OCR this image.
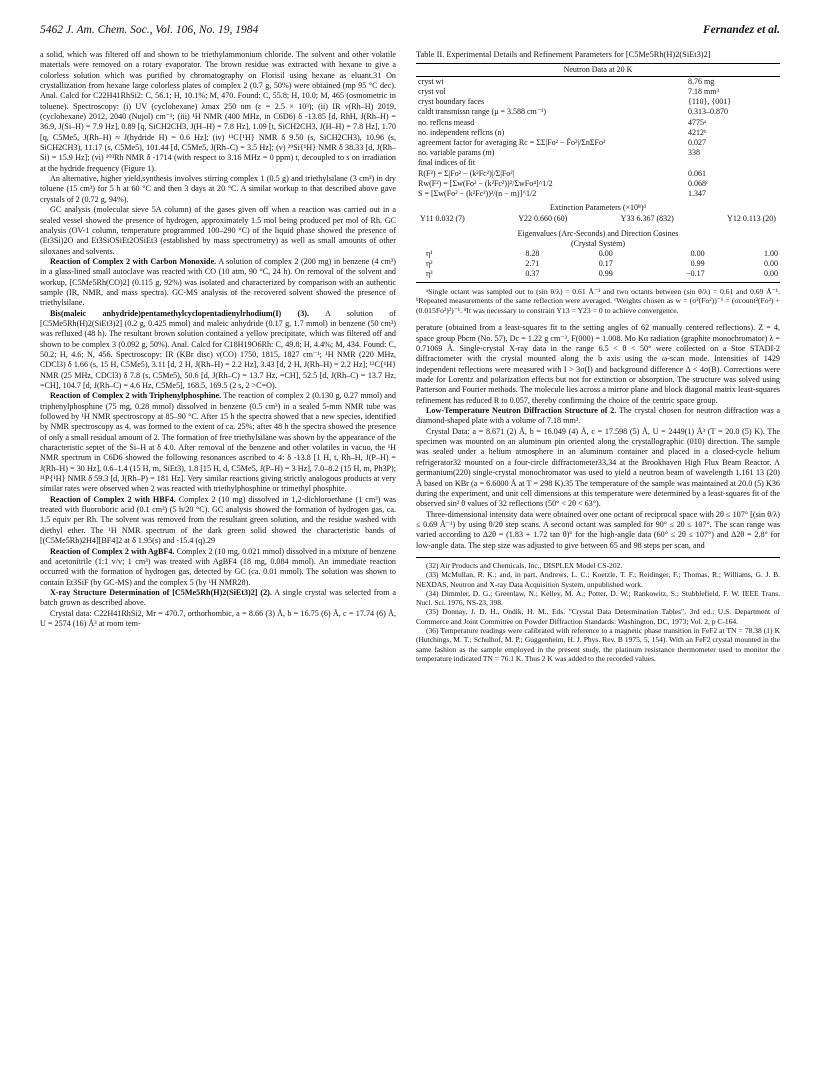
5462 J. Am. Chem. Soc., Vol. 106, No. 19, 1984	Fernandez et al.

a solid, which was filtered off and shown to be triethylammonium chloride. The solvent and other volatile materials were removed on a rotary evaporator. The brown residue was extracted with hexane to give a colorless solution which was purified by chromatography on Florisil using hexane as eluant.31 On crystallization from hexane large colorless plates of complex 2 (0.7 g, 50%) were obtained (mp 95 °C dec). Anal. Calcd for C22H41RhSi2: C, 56.1; H, 10.1%; M, 470. Found: C, 55.8; H, 10.0; M, 465 (osmometric in toluene). Spectroscopy: (i) UV (cyclohexane) λmax 250 nm (ε = 2.5 × 10³); (ii) IR ν(Rh–H) 2019, (cyclohexane) 2012, 2040 (Nujol) cm⁻¹; (iii) ¹H NMR (400 MHz, in C6D6) δ -13.85 [d, RhH, J(Rh–H) = 36.9, J(Si–H) = 7.9 Hz], 0.89 [q, SiCH2CH3, J(H–H) = 7.8 Hz], 1.09 [t, SiCH2CH3, J(H–H) = 7.8 Hz], 1.70 [q, C5Me5, J(Rh–H) ≈ J(hydride H) = 0.6 Hz]; (iv) ¹³C{¹H} NMR δ 9.50 (s, SiCH2CH3), 10.96 (s, SiCH2CH3), 11.17 (s, C5Me5), 101.44 [d, C5Me5, J(Rh–C) = 3.5 Hz]; (v) ²⁹Si{¹H} NMR δ 38.33 [d, J(Rh–Si) = 15.9 Hz]; (vi) ¹⁰³Rh NMR δ -1714 (with respect to 3.16 MHz = 0 ppm) t, decoupled to s on irradiation at the hydride frequency (Figure 1).

An alternative, higher yield,synthesis involves stirring complex 1 (0.5 g) and triethylsilane (3 cm³) in dry toluene (15 cm³) for 5 h at 60 °C and then 3 days at 20 °C. A similar workup to that described above gave crystals of 2 (0.72 g, 94%).

GC analysis (molecular sieve 5A column) of the gases given off when a reaction was carried out in a sealed vessel showed the presence of hydrogen, approximately 1.5 mol being produced per mol of Rh. GC analysis (OV-1 column, temperature programmed 100–290 °C) of the liquid phase showed the presence of (Et3Si)2O and Et3SiOSiEt2OSiEt3 (established by mass spectrometry) as well as small amounts of other siloxanes and solvents.

Reaction of Complex 2 with Carbon Monoxide. A solution of complex 2 (200 mg) in benzene (4 cm³) in a glass-lined small autoclave was reacted with CO (10 atm, 90 °C, 24 h). On removal of the solvent and workup, [C5Me5Rh(CO)2] (0.115 g, 92%) was isolated and characterized by comparison with an authentic sample (IR, NMR, and mass spectra). GC-MS analysis of the recovered solvent showed the presence of triethylsilane.

Bis(maleic anhydride)pentamethylcyclopentadienylrhodium(I) (3). A solution of [C5Me5Rh(H)2(SiEt3)2] (0.2 g, 0.425 mmol) and maleic anhydride (0.17 g, 1.7 mmol) in benzene (50 cm³) was refluxed (48 h). The resultant brown solution contained a yellow precipitate, which was filtered off and shown to be complex 3 (0.092 g, 50%). Anal. Calcd for C18H19O6Rh: C, 49.8; H, 4.4%; M, 434. Found: C, 50.2; H, 4.6; N, 456. Spectroscopy: IR (KBr disc) ν(CO) 1750, 1815, 1827 cm⁻¹; ¹H NMR (220 MHz, CDCl3) δ 1.66 (s, 15 H, C5Me5), 3.11 [d, 2 H, J(Rh–H) = 2.2 Hz], 3.43 [d, 2 H, J(Rh–H) = 2.2 Hz]; ¹³C{¹H} NMR (25 MHz, CDCl3) δ 7.8 (s, C5Me5), 50.6 [d, J(Rh–C) = 13.7 Hz, =CH], 52.5 [d, J(Rh–C) = 13.7 Hz, =CH], 104.7 [d, J(Rh–C) = 4.6 Hz, C5Me5], 168.5, 169.5 (2 s, 2 >C=O).

Reaction of Complex 2 with Triphenylphosphine. The reaction of complex 2 (0.130 g, 0.27 mmol) and triphenylphosphine (75 mg, 0.28 mmol) dissolved in benzene (0.5 cm³) in a sealed 5-mm NMR tube was followed by ¹H NMR spectroscopy at 85–90 °C. After 15 h the spectra showed that a new species, identified by NMR spectroscopy as 4, was formed to the extent of ca. 25%; after 48 h the spectra showed the presence of only a small residual amount of 2. The formation of free triethylsilane was shown by the appearance of the characteristic septet of the Si–H at δ 4.0. After removal of the benzene and other volatiles in vacuo, the ¹H NMR spectrum in C6D6 showed the following resonances ascribed to 4: δ -13.8 [1 H, t, Rh–H, J(P–H) = J(Rh–H) = 30 Hz], 0.6–1.4 (15 H, m, SiEt3), 1.8 [15 H, d, C5Me5, J(P–H) = 3 Hz], 7.0–8.2 (15 H, m, Ph3P); ³¹P{¹H} NMR δ 59.3 [d, J(Rh–P) = 181 Hz]. Very similar reactions giving strictly analogous products at very similar rates were observed when 2 was reacted with triethylphosphine or trimethyl phosphite.

Reaction of Complex 2 with HBF4. Complex 2 (10 mg) dissolved in 1,2-dichloroethane (1 cm³) was treated with fluoroboric acid (0.1 cm³) (5 h/20 °C). GC analysis showed the formation of hydrogen gas, ca. 1.5 equiv per Rh. The solvent was removed from the resultant green solution, and the residue washed with diethyl ether. The ¹H NMR spectrum of the dark green solid showed the characteristic bands of [(C5Me5Rh)2H4][BF4]2 at δ 1.95(s) and -15.4 (q).29

Reaction of Complex 2 with AgBF4. Complex 2 (10 mg, 0.021 mmol) dissolved in a mixture of benzene and acetonitrile (1:1 v/v; 1 cm³) was treated with AgBF4 (18 mg, 0.084 mmol). An immediate reaction occurred with the formation of hydrogen gas, detected by GC (ca. 0.01 mmol). The solution was shown to contain Et3SiF (by GC-MS) and the complex 5 (by ¹H NMR28).

X-ray Structure Determination of [C5Me5Rh(H)2(SiEt3)2] (2). A single crystal was selected from a batch grown as described above.

Crystal data: C22H41RhSi2, Mr = 470.7, orthorhombic, a = 8.66 (3) Å, b = 16.75 (6) Å, c = 17.74 (6) Å, U = 2574 (16) Å³ at room tem-

Table II. Experimental Details and Refinement Parameters for [C5Me5Rh(H)2(SiEt3)2]
Neutron Data at 20 K
cryst wt	8.76 mg
cryst vol	7.18 mm³
cryst boundary faces	{110}, {001}
caldt transmissn range (μ = 3.588 cm⁻¹)	0.313–0.870
no. reflcns measd	4775ᵃ
no. independent reflcns (n)	4212ᵇ
agreement factor for averaging Rc = ΣΣ|Fo² − F̄o²|/ΣnΣFo²	0.027
no. variable params (m)	338
final indices of fit	
R(F²) = Σ|Fo² − (k²Fc²)|/Σ|Fo²|	0.061
Rw(F²) = [Σw(Fo² − (k²Fc²))²/ΣwFo⁴]^1/2	0.068ᶜ
S = [Σw(Fo² − (k²Fc²))²/(n − m)]^1/2	1.347
Extinction Parameters (×10⁸)ᵈ

Y11 0.032 (7)	Y22 0.660 (60)	Y33 6.367 (832)	Y12 0.113 (20)

Eigenvalues (Arc-Seconds) and Direction Cosines
(Crystal System)

η¹	8.28	0.00	0.00	1.00
η²	2.71	0.17	0.99	0.00
η³	0.37	0.99	−0.17	0.00
ᵃSingle octant was sampled out to (sin θ/λ) = 0.61 Å⁻¹ and two octants between (sin θ/λ) = 0.61 and 0.69 Å⁻¹. ᵇRepeated measurements of the same reflection were averaged. ᶜWeights chosen as w = (σ²(Fo²))⁻¹ = (σcount²(Fo²) + (0.015Fo²)²)⁻¹. ᵈIt was necessary to constrain Y13 = Y23 = 0 to achieve convergence.

perature (obtained from a least-squares fit to the setting angles of 62 manually centered reflections). Z = 4, space group Pbcm (No. 57), Dc = 1.22 g cm⁻³, F(000) = 1.008. Mo Kα radiation (graphite monochromator) λ = 0.71069 Å. Single-crystal X-ray data in the range 6.5 < θ < 50° were collected on a Stoe STADI-2 diffractometer with the crystal mounted along the b axis using the ω-scan mode. Intensities of 1429 independent reflections were measured with I > 3σ(I) and background difference Δ < 4σ(B). Corrections were made for Lorentz and polarization effects but not for extinction or absorption. The structure was solved using Patterson and Fourier methods. The molecule lies across a mirror plane and block diagonal matrix least-squares refinement has reduced R to 0.057, thereby confirming the choice of the centric space group.

Low-Temperature Neutron Diffraction Structure of 2. The crystal chosen for neutron diffraction was a diamond-shaped plate with a volume of 7.18 mm³.

Crystal Data: a = 8.671 (2) Å, b = 16.049 (4) Å, c = 17.598 (5) Å, U = 2449(1) Å³ (T = 20.0 (5) K). The specimen was mounted on an aluminum pin oriented along the crystallographic (010) direction. The sample was sealed under a helium atmosphere in an aluminum container and placed in a closed-cycle helium refrigerator32 mounted on a four-circle diffractometer33,34 at the Brookhaven High Flux Beam Reactor. A germanium(220) single-crystal monochromator was used to yield a neutron beam of wavelength 1.161 13 (20) Å based on KBr (a = 6.6000 Å at T = 298 K).35 The temperature of the sample was maintained at 20.0 (5) K36 during the experiment, and unit cell dimensions at this temperature were determined by a least-squares fit of the observed sin² θ values of 32 reflections (50° < 2θ < 63°).

Three-dimensional intensity data were obtained over one octant of reciprocal space with 2θ ≤ 107° [(sin θ/λ) ≤ 0.69 Å⁻¹) by using θ/2θ step scans. A second octant was sampled for 90° ≤ 2θ ≤ 107°. The scan range was varied according to Δ2θ = (1.83 + 1.72 tan θ)° for the high-angle data (60° ≤ 2θ ≤ 107°) and Δ2θ = 2.8° for low-angle data. The step size was adjusted to give between 65 and 98 steps per scan, and

(32) Air Products and Chemicals, Inc., DISPLEX Model CS-202.

(33) McMullan, R. K.; and, in part, Andrews, L. C.; Koetzle, T. F.; Reidinger, F.; Thomas, R.; Williams, G. J. B. NEXDAS, Neutron and X-ray Data Acquisition System, unpublished work.

(34) Dimmler, D. G.; Greenlaw, N.; Kelley, M. A.; Potter, D. W.; Rankowitz, S.; Stubblefield, F. W. IEEE Trans. Nucl. Sci. 1976, NS-23, 398.

(35) Donnay, J. D. H., Ondik, H. M., Eds. "Crystal Data Determination Tables", 3rd ed.; U.S. Department of Commerce and Joint Committee on Powder Diffraction Standards: Washington, DC, 1973; Vol. 2, p C-164.

(36) Temperature readings were calibrated with reference to a magnetic phase transition in FeF2 at TN = 78.38 (1) K (Hutchings, M. T.; Schulhof, M. P.; Guggenheim, H. J. Phys. Rev. B 1975, 5, 154). With an FeF2 crystal mounted in the same fashion as the sample employed in the present study, the platinum resistance thermometer used to monitor the temperature indicated TN = 76.1 K. Thus 2 K was added to the recorded values.
